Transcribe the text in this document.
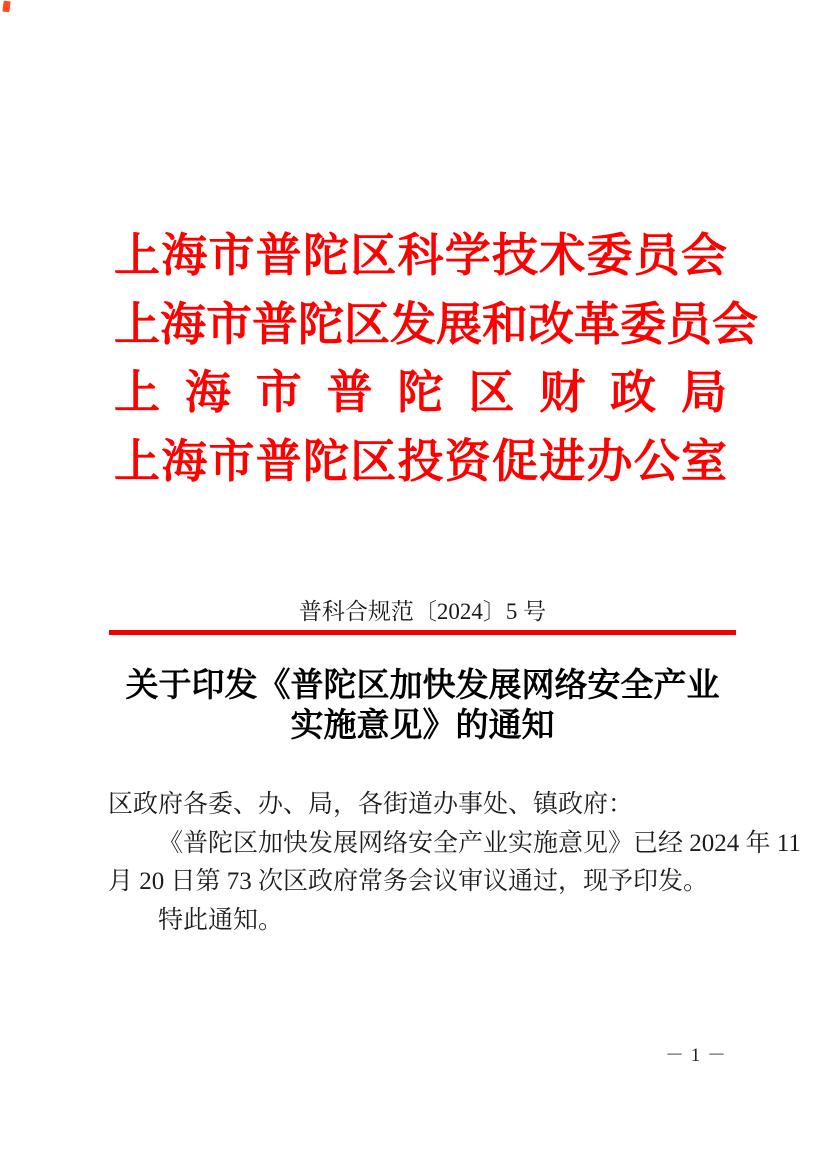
上海市普陀区科学技术委员会
上海市普陀区发展和改革委员会
上海市普陀区财政局
上海市普陀区投资促进办公室
普科合规范〔2024〕5 号
关于印发《普陀区加快发展网络安全产业
实施意见》的通知
区政府各委、办、局，各街道办事处、镇政府：
《普陀区加快发展网络安全产业实施意见》已经 2024 年 11
月 20 日第 73 次区政府常务会议审议通过，现予印发。
特此通知。
－ 1 －
